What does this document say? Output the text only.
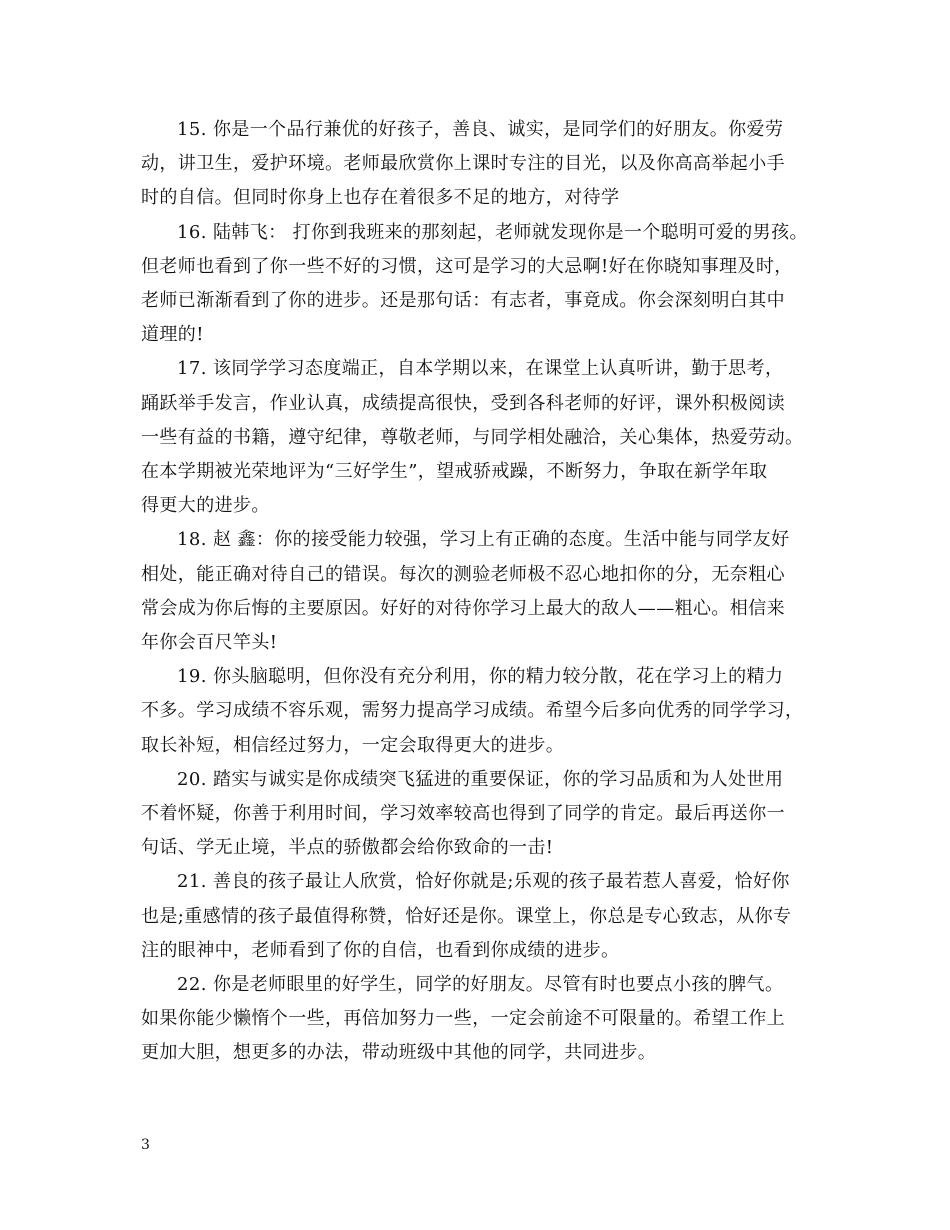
15. 你是一个品行兼优的好孩子，善良、诚实，是同学们的好朋友。你爱劳
动，讲卫生，爱护环境。老师最欣赏你上课时专注的目光，以及你高高举起小手
时的自信。但同时你身上也存在着很多不足的地方，对待学
16. 陆韩飞： 打你到我班来的那刻起，老师就发现你是一个聪明可爱的男孩。
但老师也看到了你一些不好的习惯，这可是学习的大忌啊!好在你晓知事理及时，
老师已渐渐看到了你的进步。还是那句话：有志者，事竟成。你会深刻明白其中
道理的!
17. 该同学学习态度端正，自本学期以来，在课堂上认真听讲，勤于思考，
踊跃举手发言，作业认真，成绩提高很快，受到各科老师的好评，课外积极阅读
一些有益的书籍，遵守纪律，尊敬老师，与同学相处融洽，关心集体，热爱劳动。
在本学期被光荣地评为“三好学生”，望戒骄戒躁，不断努力，争取在新学年取
得更大的进步。
18. 赵 鑫：你的接受能力较强，学习上有正确的态度。生活中能与同学友好
相处，能正确对待自己的错误。每次的测验老师极不忍心地扣你的分，无奈粗心
常会成为你后悔的主要原因。好好的对待你学习上最大的敌人——粗心。相信来
年你会百尺竿头!
19. 你头脑聪明，但你没有充分利用，你的精力较分散，花在学习上的精力
不多。学习成绩不容乐观，需努力提高学习成绩。希望今后多向优秀的同学学习，
取长补短，相信经过努力，一定会取得更大的进步。
20. 踏实与诚实是你成绩突飞猛进的重要保证，你的学习品质和为人处世用
不着怀疑，你善于利用时间，学习效率较高也得到了同学的肯定。最后再送你一
句话、学无止境，半点的骄傲都会给你致命的一击!
21. 善良的孩子最让人欣赏，恰好你就是;乐观的孩子最若惹人喜爱，恰好你
也是;重感情的孩子最值得称赞，恰好还是你。课堂上，你总是专心致志，从你专
注的眼神中，老师看到了你的自信，也看到你成绩的进步。
22. 你是老师眼里的好学生，同学的好朋友。尽管有时也要点小孩的脾气。
如果你能少懒惰个一些，再倍加努力一些，一定会前途不可限量的。希望工作上
更加大胆，想更多的办法，带动班级中其他的同学，共同进步。
3
